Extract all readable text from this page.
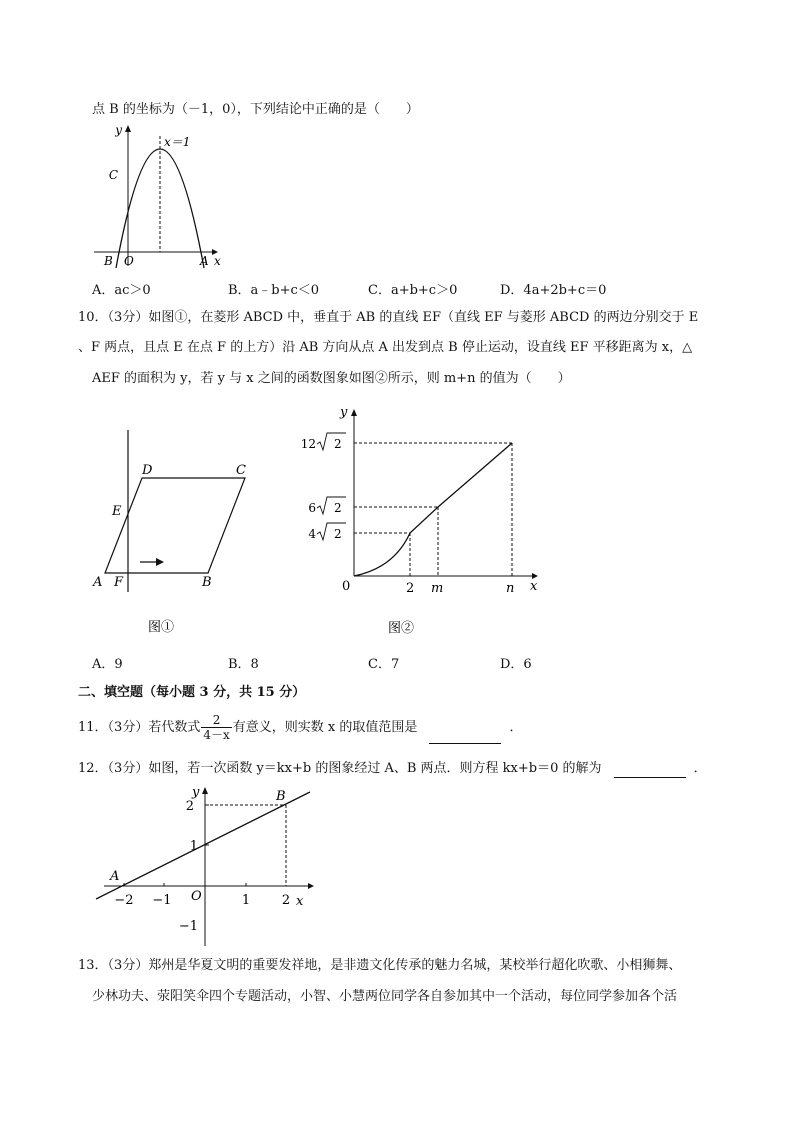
点 B 的坐标为（－1，0），下列结论中正确的是（　　）
y
x＝1
C
B O	A x
A．ac＞0	B．a﹣b+c＜0	C．a+b+c＞0	D．4a+2b+c＝0
10．（3分）如图①，在菱形 ABCD 中，垂直于 AB 的直线 EF（直线 EF 与菱形 ABCD 的两边分别交于 E
、F 两点，且点 E 在点 F 的上方）沿 AB 方向从点 A 出发到点 B 停止运动，设直线 EF 平移距离为 x，△
AEF 的面积为 y，若 y 与 x 之间的函数图象如图②所示，则 m+n 的值为（　　）
D	C
E
A F	B
图①
y
x
0	2 m	n
12 2
6 2
4 2
图②
A．9	B．8	C．7	D．6
二、填空题（每小题 3 分，共 15 分）
11．（3分）若代数式 $\frac{2}{4-x}$ 有意义，则实数 x 的取值范围是	．
12．（3分）如图，若一次函数 y＝kx+b 的图象经过 A、B 两点．则方程 kx+b＝0 的解为	．
y	B
A
O	x
−2 −1	1 2
2
1
−1
13．（3分）郑州是华夏文明的重要发祥地，是非遗文化传承的魅力名城，某校举行超化吹歌、小相狮舞、
少林功夫、荥阳笑伞四个专题活动，小智、小慧两位同学各自参加其中一个活动，每位同学参加各个活
